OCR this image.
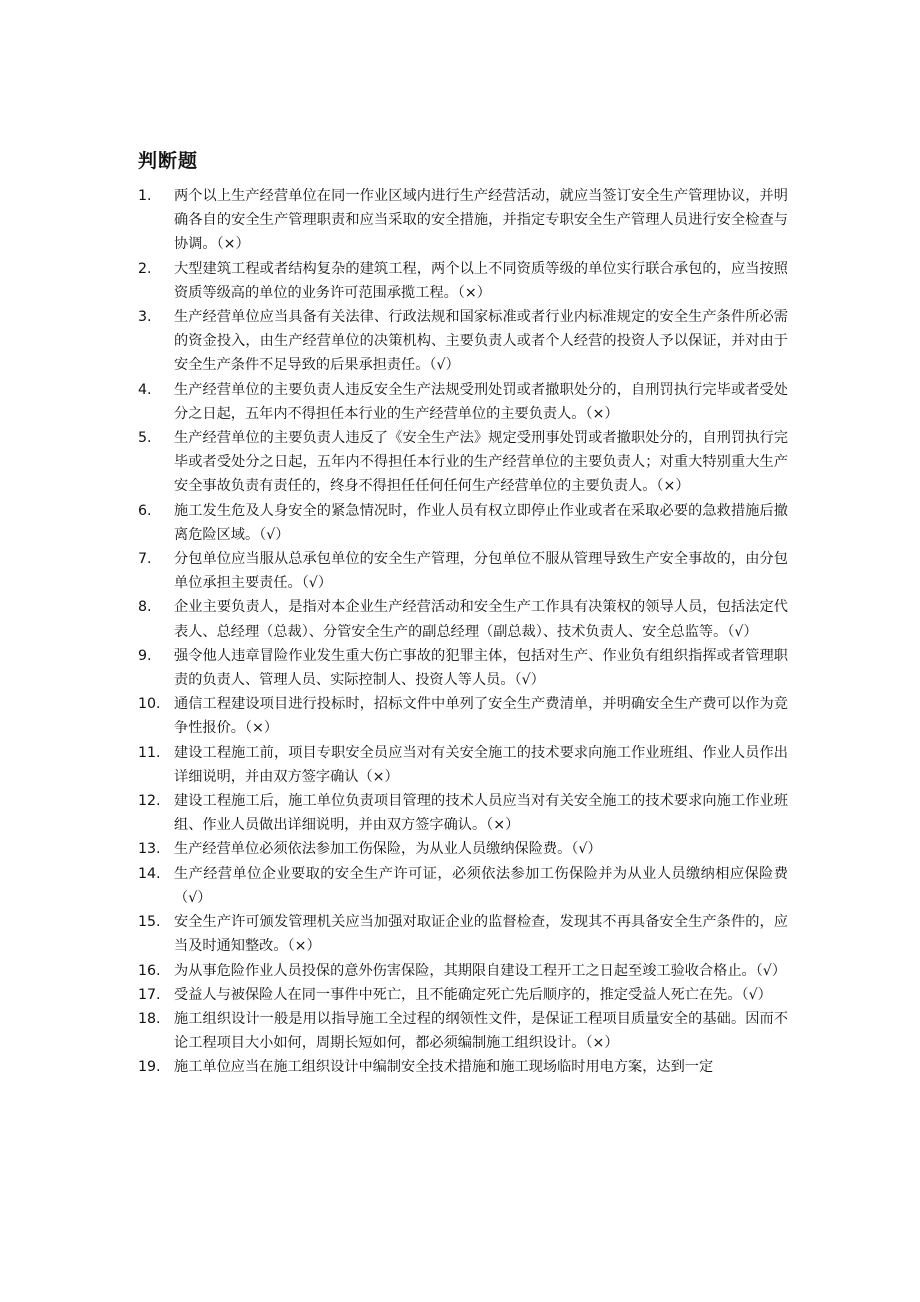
判断题
1.	两个以上生产经营单位在同一作业区域内进行生产经营活动，就应当签订安全生产管理协议，并明确各自的安全生产管理职责和应当采取的安全措施，并指定专职安全生产管理人员进行安全检查与协调。（×）
2.	大型建筑工程或者结构复杂的建筑工程，两个以上不同资质等级的单位实行联合承包的，应当按照资质等级高的单位的业务许可范围承揽工程。（×）
3.	生产经营单位应当具备有关法律、行政法规和国家标准或者行业内标准规定的安全生产条件所必需的资金投入，由生产经营单位的决策机构、主要负责人或者个人经营的投资人予以保证，并对由于安全生产条件不足导致的后果承担责任。（√）
4.	生产经营单位的主要负责人违反安全生产法规受刑处罚或者撤职处分的，自刑罚执行完毕或者受处分之日起，五年内不得担任本行业的生产经营单位的主要负责人。（×）
5.	生产经营单位的主要负责人违反了《安全生产法》规定受刑事处罚或者撤职处分的，自刑罚执行完毕或者受处分之日起，五年内不得担任本行业的生产经营单位的主要负责人；对重大特别重大生产安全事故负责有责任的，终身不得担任任何任何生产经营单位的主要负责人。（×）
6.	施工发生危及人身安全的紧急情况时，作业人员有权立即停止作业或者在采取必要的急救措施后撤离危险区域。（√）
7.	分包单位应当服从总承包单位的安全生产管理，分包单位不服从管理导致生产安全事故的，由分包单位承担主要责任。（√）
8.	企业主要负责人，是指对本企业生产经营活动和安全生产工作具有决策权的领导人员，包括法定代表人、总经理（总裁）、分管安全生产的副总经理（副总裁）、技术负责人、安全总监等。（√）
9.	强令他人违章冒险作业发生重大伤亡事故的犯罪主体，包括对生产、作业负有组织指挥或者管理职责的负责人、管理人员、实际控制人、投资人等人员。（√）
10. 通信工程建设项目进行投标时，招标文件中单列了安全生产费清单，并明确安全生产费可以作为竞争性报价。（×）
11. 建设工程施工前，项目专职安全员应当对有关安全施工的技术要求向施工作业班组、作业人员作出详细说明，并由双方签字确认（×）
12. 建设工程施工后，施工单位负责项目管理的技术人员应当对有关安全施工的技术要求向施工作业班组、作业人员做出详细说明，并由双方签字确认。（×）
13. 生产经营单位必须依法参加工伤保险，为从业人员缴纳保险费。（√）
14. 生产经营单位企业要取的安全生产许可证，必须依法参加工伤保险并为从业人员缴纳相应保险费（√）
15. 安全生产许可颁发管理机关应当加强对取证企业的监督检查，发现其不再具备安全生产条件的，应当及时通知整改。（×）
16. 为从事危险作业人员投保的意外伤害保险，其期限自建设工程开工之日起至竣工验收合格止。（√）
17. 受益人与被保险人在同一事件中死亡，且不能确定死亡先后顺序的，推定受益人死亡在先。（√）
18. 施工组织设计一般是用以指导施工全过程的纲领性文件，是保证工程项目质量安全的基础。因而不论工程项目大小如何，周期长短如何，都必须编制施工组织设计。（×）
19. 施工单位应当在施工组织设计中编制安全技术措施和施工现场临时用电方案，达到一定
